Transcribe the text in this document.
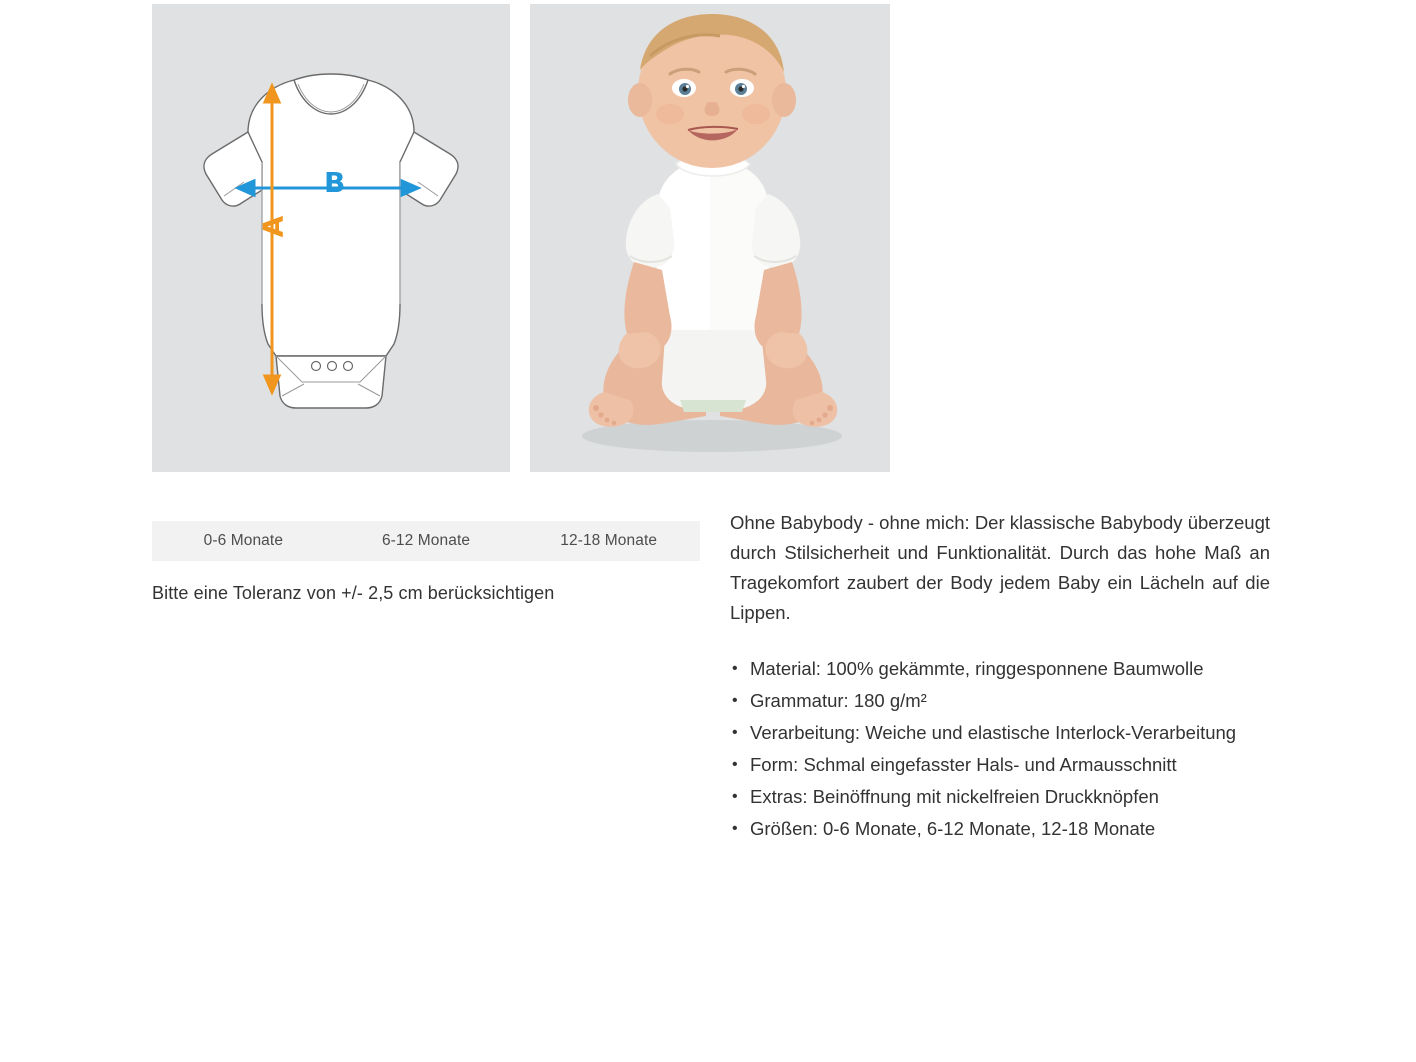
B
A
0-6 Monate	6-12 Monate	12-18 Monate
Bitte eine Toleranz von +/- 2,5 cm berücksichtigen

Ohne Babybody - ohne mich: Der klassische Babybody überzeugt durch Stilsicherheit und Funktionalität. Durch das hohe Maß an Tragekomfort zaubert der Body jedem Baby ein Lächeln auf die Lippen.

• Material: 100% gekämmte, ringgesponnene Baumwolle
• Grammatur: 180 g/m²
• Verarbeitung: Weiche und elastische Interlock-Verarbeitung
• Form: Schmal eingefasster Hals- und Armausschnitt
• Extras: Beinöffnung mit nickelfreien Druckknöpfen
• Größen: 0-6 Monate, 6-12 Monate, 12-18 Monate
